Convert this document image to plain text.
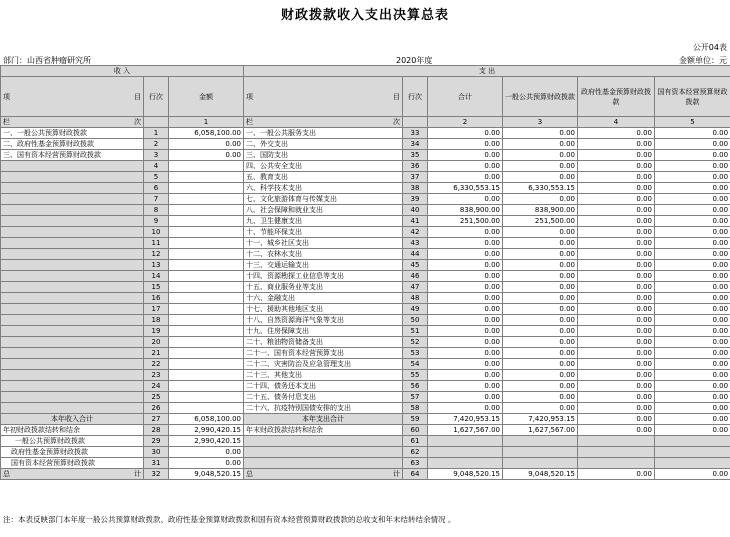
财政拨款收入支出决算总表
公开04表
部门：山西省肿瘤研究所	2020年度	金额单位：元
收 入			支 出					

项 目	行次	金额	项 目	行次	合计	一般公共预算财政拨款	政府性基金预算财政拨款	国有资本经营预算财政拨款

栏 次		1	栏 次		2	3	4	5
一、一般公共预算财政拨款	1	6,058,100.00	一、一般公共服务支出	33	0.00	0.00	0.00	0.00
二、政府性基金预算财政拨款	2	0.00	二、外交支出	34	0.00	0.00	0.00	0.00
三、国有资本经营预算财政拨款	3	0.00	三、国防支出	35	0.00	0.00	0.00	0.00
	4		四、公共安全支出	36	0.00	0.00	0.00	0.00
	5		五、教育支出	37	0.00	0.00	0.00	0.00
	6		六、科学技术支出	38	6,330,553.15	6,330,553.15	0.00	0.00
	7		七、文化旅游体育与传媒支出	39	0.00	0.00	0.00	0.00
	8		八、社会保障和就业支出	40	838,900.00	838,900.00	0.00	0.00
	9		九、卫生健康支出	41	251,500.00	251,500.00	0.00	0.00
	10		十、节能环保支出	42	0.00	0.00	0.00	0.00
	11		十一、城乡社区支出	43	0.00	0.00	0.00	0.00
	12		十二、农林水支出	44	0.00	0.00	0.00	0.00
	13		十三、交通运输支出	45	0.00	0.00	0.00	0.00
	14		十四、资源勘探工业信息等支出	46	0.00	0.00	0.00	0.00
	15		十五、商业服务业等支出	47	0.00	0.00	0.00	0.00
	16		十六、金融支出	48	0.00	0.00	0.00	0.00
	17		十七、援助其他地区支出	49	0.00	0.00	0.00	0.00
	18		十八、自然资源海洋气象等支出	50	0.00	0.00	0.00	0.00
	19		十九、住房保障支出	51	0.00	0.00	0.00	0.00
	20		二十、粮油物资储备支出	52	0.00	0.00	0.00	0.00
	21		二十一、国有资本经营预算支出	53	0.00	0.00	0.00	0.00
	22		二十二、灾害防治及应急管理支出	54	0.00	0.00	0.00	0.00
	23		二十三、其他支出	55	0.00	0.00	0.00	0.00
	24		二十四、债务还本支出	56	0.00	0.00	0.00	0.00
	25		二十五、债务付息支出	57	0.00	0.00	0.00	0.00
	26		二十六、抗疫特别国债安排的支出	58	0.00	0.00	0.00	0.00
本年收入合计	27	6,058,100.00	本年支出合计	59	7,420,953.15	7,420,953.15	0.00	0.00
年初财政拨款结转和结余	28	2,990,420.15	年末财政拨款结转和结余	60	1,627,567.00	1,627,567.00	0.00	0.00
一般公共预算财政拨款	29	2,990,420.15		61				
政府性基金预算财政拨款	30	0.00		62				
国有资本经营预算财政拨款	31	0.00		63				

总 计	32	9,048,520.15	总 计	64	9,048,520.15	9,048,520.15	0.00	0.00
注：本表反映部门本年度一般公共预算财政拨款、政府性基金预算财政拨款和国有资本经营预算财政拨款的总收支和年末结转结余情况 。
